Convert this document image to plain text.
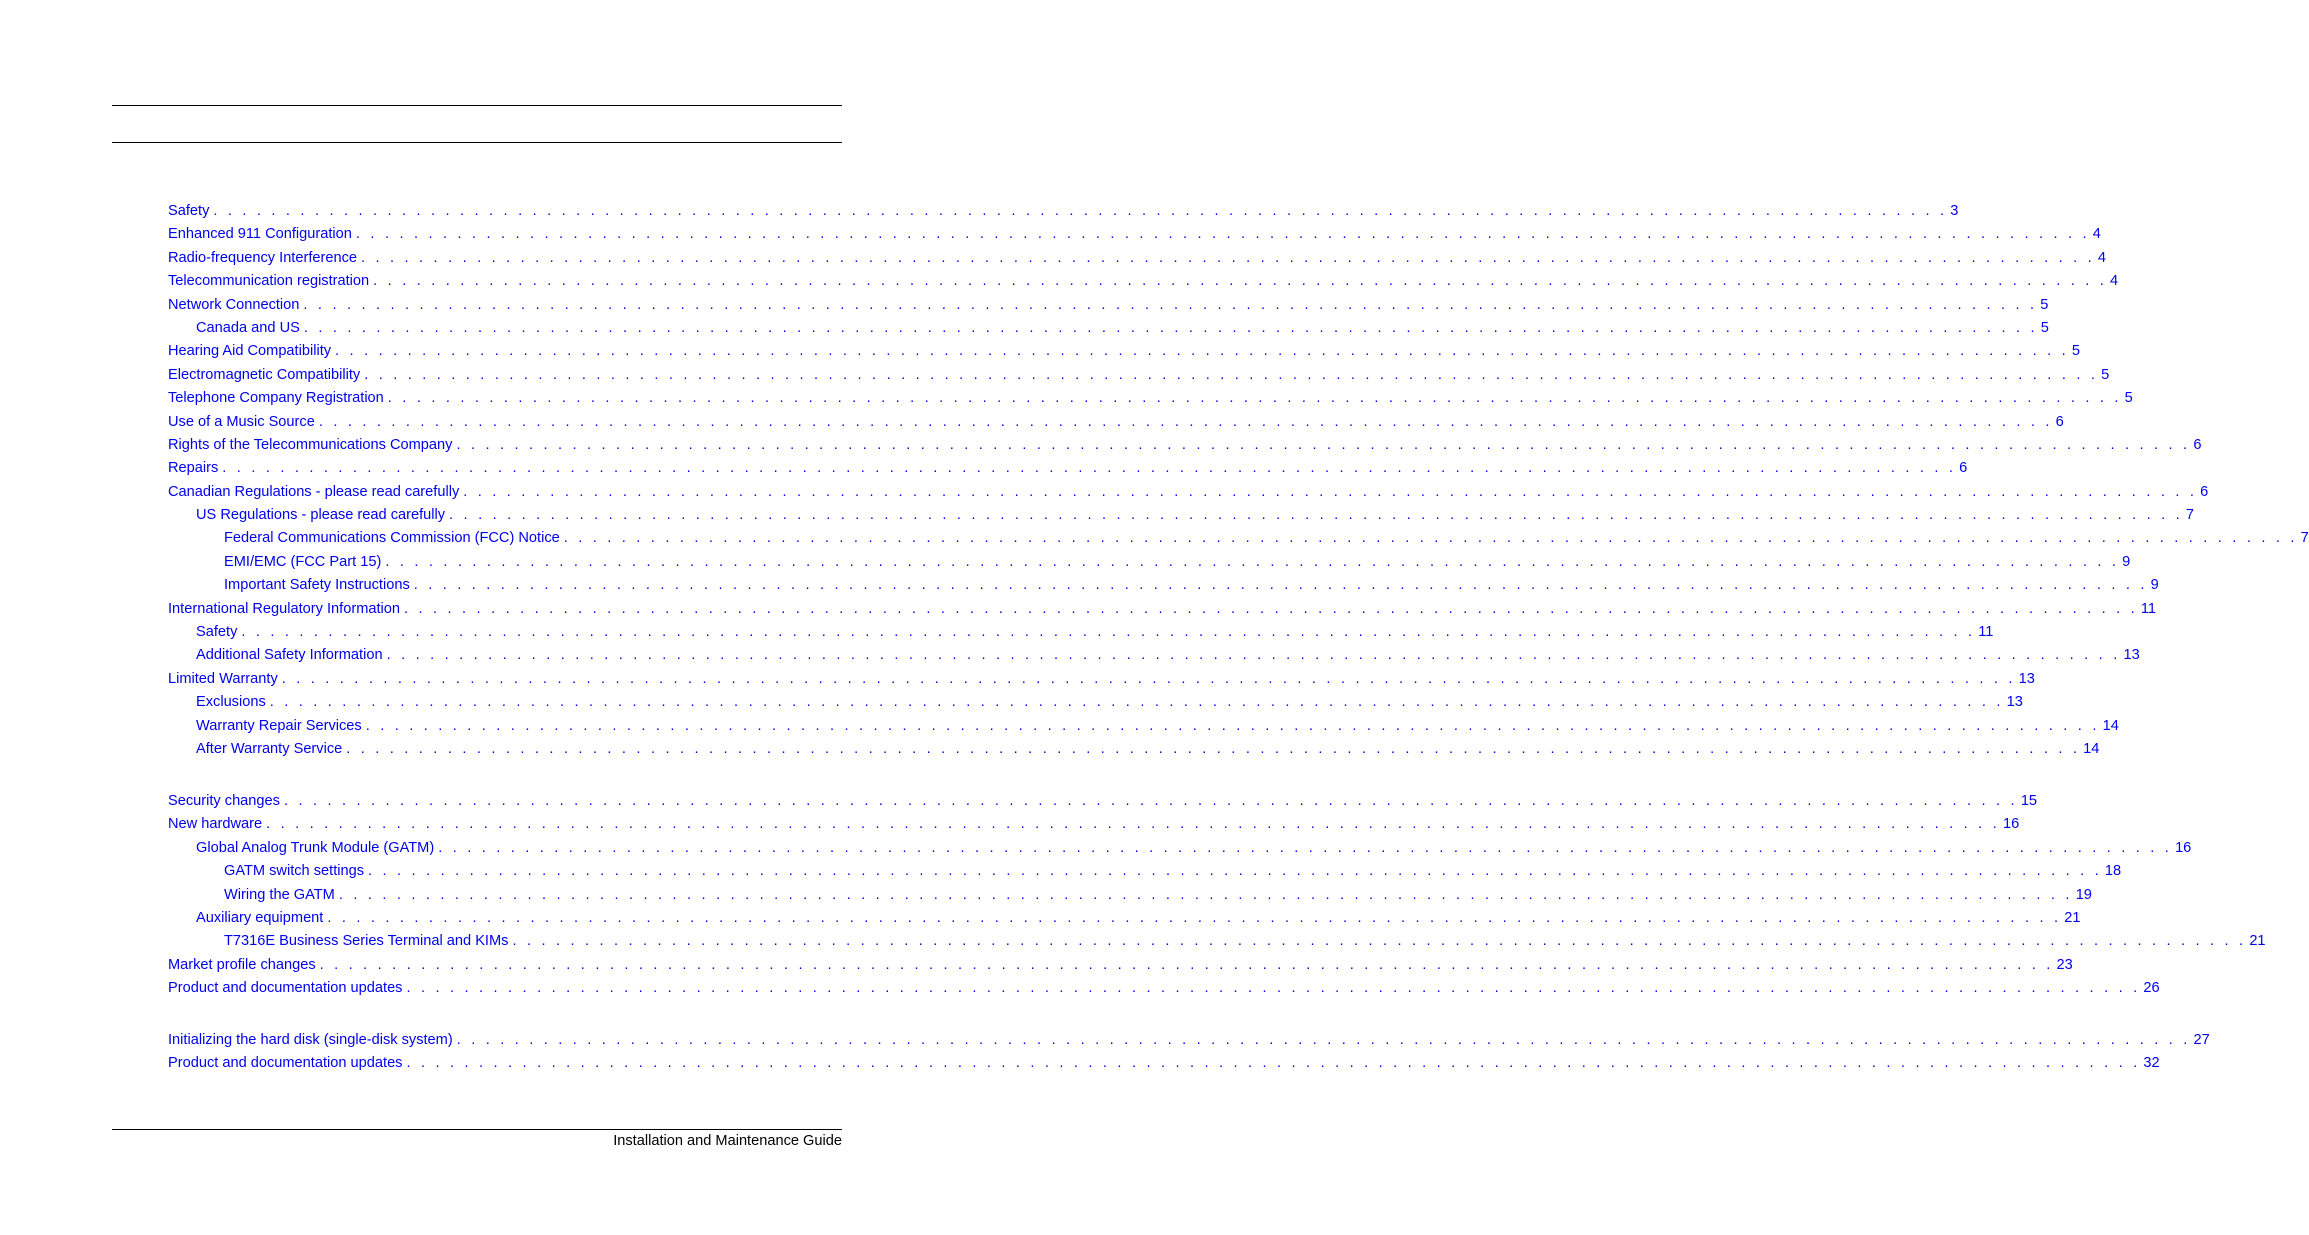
Safety . . . . . . . . . . . . . . . . . . . . . . . . . . . . . . . . . . . . . . . . . . . . . . . . . . . . . . . . . . . . . . . . . . . . . . . . . . . . . . . . . . . . . . . . . . . . . . . . . . . . . . . . . . . . . . . . . . . . . . . . 3
Enhanced 911 Configuration . . . . . . . . . . . . . . . . . . . . . . . . . . . . . . . . . . . . . . . . . . . . . . . . . . . . . . . . . . . . . . . . . . . . . . . . . . . . . . . . . . . . . . . . . . . . . . . . . . . . . . . . . . . . . . . . . . . . . . . . 4
Radio-frequency Interference . . . . . . . . . . . . . . . . . . . . . . . . . . . . . . . . . . . . . . . . . . . . . . . . . . . . . . . . . . . . . . . . . . . . . . . . . . . . . . . . . . . . . . . . . . . . . . . . . . . . . . . . . . . . . . . . . . . . . . . . 4
Telecommunication registration . . . . . . . . . . . . . . . . . . . . . . . . . . . . . . . . . . . . . . . . . . . . . . . . . . . . . . . . . . . . . . . . . . . . . . . . . . . . . . . . . . . . . . . . . . . . . . . . . . . . . . . . . . . . . . . . . . . . . . . . 4
Network Connection . . . . . . . . . . . . . . . . . . . . . . . . . . . . . . . . . . . . . . . . . . . . . . . . . . . . . . . . . . . . . . . . . . . . . . . . . . . . . . . . . . . . . . . . . . . . . . . . . . . . . . . . . . . . . . . . . . . . . . . . 5
Canada and US . . . . . . . . . . . . . . . . . . . . . . . . . . . . . . . . . . . . . . . . . . . . . . . . . . . . . . . . . . . . . . . . . . . . . . . . . . . . . . . . . . . . . . . . . . . . . . . . . . . . . . . . . . . . . . . . . . . . . . . . 5
Hearing Aid Compatibility . . . . . . . . . . . . . . . . . . . . . . . . . . . . . . . . . . . . . . . . . . . . . . . . . . . . . . . . . . . . . . . . . . . . . . . . . . . . . . . . . . . . . . . . . . . . . . . . . . . . . . . . . . . . . . . . . . . . . . . . 5
Electromagnetic Compatibility . . . . . . . . . . . . . . . . . . . . . . . . . . . . . . . . . . . . . . . . . . . . . . . . . . . . . . . . . . . . . . . . . . . . . . . . . . . . . . . . . . . . . . . . . . . . . . . . . . . . . . . . . . . . . . . . . . . . . . . . 5
Telephone Company Registration . . . . . . . . . . . . . . . . . . . . . . . . . . . . . . . . . . . . . . . . . . . . . . . . . . . . . . . . . . . . . . . . . . . . . . . . . . . . . . . . . . . . . . . . . . . . . . . . . . . . . . . . . . . . . . . . . . . . . . . . 5
Use of a Music Source . . . . . . . . . . . . . . . . . . . . . . . . . . . . . . . . . . . . . . . . . . . . . . . . . . . . . . . . . . . . . . . . . . . . . . . . . . . . . . . . . . . . . . . . . . . . . . . . . . . . . . . . . . . . . . . . . . . . . . . . 6
Rights of the Telecommunications Company . . . . . . . . . . . . . . . . . . . . . . . . . . . . . . . . . . . . . . . . . . . . . . . . . . . . . . . . . . . . . . . . . . . . . . . . . . . . . . . . . . . . . . . . . . . . . . . . . . . . . . . . . . . . . . . . . . . . . . . . 6
Repairs . . . . . . . . . . . . . . . . . . . . . . . . . . . . . . . . . . . . . . . . . . . . . . . . . . . . . . . . . . . . . . . . . . . . . . . . . . . . . . . . . . . . . . . . . . . . . . . . . . . . . . . . . . . . . . . . . . . . . . . . 6
Canadian Regulations - please read carefully . . . . . . . . . . . . . . . . . . . . . . . . . . . . . . . . . . . . . . . . . . . . . . . . . . . . . . . . . . . . . . . . . . . . . . . . . . . . . . . . . . . . . . . . . . . . . . . . . . . . . . . . . . . . . . . . . . . . . . . . 6
US Regulations - please read carefully . . . . . . . . . . . . . . . . . . . . . . . . . . . . . . . . . . . . . . . . . . . . . . . . . . . . . . . . . . . . . . . . . . . . . . . . . . . . . . . . . . . . . . . . . . . . . . . . . . . . . . . . . . . . . . . . . . . . . . . . 7
Federal Communications Commission (FCC) Notice . . . . . . . . . . . . . . . . . . . . . . . . . . . . . . . . . . . . . . . . . . . . . . . . . . . . . . . . . . . . . . . . . . . . . . . . . . . . . . . . . . . . . . . . . . . . . . . . . . . . . . . . . . . . . . . . . . . . . . . . 7
EMI/EMC (FCC Part 15) . . . . . . . . . . . . . . . . . . . . . . . . . . . . . . . . . . . . . . . . . . . . . . . . . . . . . . . . . . . . . . . . . . . . . . . . . . . . . . . . . . . . . . . . . . . . . . . . . . . . . . . . . . . . . . . . . . . . . . . . 9
Important Safety Instructions . . . . . . . . . . . . . . . . . . . . . . . . . . . . . . . . . . . . . . . . . . . . . . . . . . . . . . . . . . . . . . . . . . . . . . . . . . . . . . . . . . . . . . . . . . . . . . . . . . . . . . . . . . . . . . . . . . . . . . . . 9
International Regulatory Information . . . . . . . . . . . . . . . . . . . . . . . . . . . . . . . . . . . . . . . . . . . . . . . . . . . . . . . . . . . . . . . . . . . . . . . . . . . . . . . . . . . . . . . . . . . . . . . . . . . . . . . . . . . . . . . . . . . . . . . . 11
Safety . . . . . . . . . . . . . . . . . . . . . . . . . . . . . . . . . . . . . . . . . . . . . . . . . . . . . . . . . . . . . . . . . . . . . . . . . . . . . . . . . . . . . . . . . . . . . . . . . . . . . . . . . . . . . . . . . . . . . . . . 11
Additional Safety Information . . . . . . . . . . . . . . . . . . . . . . . . . . . . . . . . . . . . . . . . . . . . . . . . . . . . . . . . . . . . . . . . . . . . . . . . . . . . . . . . . . . . . . . . . . . . . . . . . . . . . . . . . . . . . . . . . . . . . . . . 13
Limited Warranty . . . . . . . . . . . . . . . . . . . . . . . . . . . . . . . . . . . . . . . . . . . . . . . . . . . . . . . . . . . . . . . . . . . . . . . . . . . . . . . . . . . . . . . . . . . . . . . . . . . . . . . . . . . . . . . . . . . . . . . . 13
Exclusions . . . . . . . . . . . . . . . . . . . . . . . . . . . . . . . . . . . . . . . . . . . . . . . . . . . . . . . . . . . . . . . . . . . . . . . . . . . . . . . . . . . . . . . . . . . . . . . . . . . . . . . . . . . . . . . . . . . . . . . . 13
Warranty Repair Services . . . . . . . . . . . . . . . . . . . . . . . . . . . . . . . . . . . . . . . . . . . . . . . . . . . . . . . . . . . . . . . . . . . . . . . . . . . . . . . . . . . . . . . . . . . . . . . . . . . . . . . . . . . . . . . . . . . . . . . . 14
After Warranty Service . . . . . . . . . . . . . . . . . . . . . . . . . . . . . . . . . . . . . . . . . . . . . . . . . . . . . . . . . . . . . . . . . . . . . . . . . . . . . . . . . . . . . . . . . . . . . . . . . . . . . . . . . . . . . . . . . . . . . . . . 14
Security changes . . . . . . . . . . . . . . . . . . . . . . . . . . . . . . . . . . . . . . . . . . . . . . . . . . . . . . . . . . . . . . . . . . . . . . . . . . . . . . . . . . . . . . . . . . . . . . . . . . . . . . . . . . . . . . . . . . . . . . . . 15
New hardware . . . . . . . . . . . . . . . . . . . . . . . . . . . . . . . . . . . . . . . . . . . . . . . . . . . . . . . . . . . . . . . . . . . . . . . . . . . . . . . . . . . . . . . . . . . . . . . . . . . . . . . . . . . . . . . . . . . . . . . . 16
Global Analog Trunk Module (GATM) . . . . . . . . . . . . . . . . . . . . . . . . . . . . . . . . . . . . . . . . . . . . . . . . . . . . . . . . . . . . . . . . . . . . . . . . . . . . . . . . . . . . . . . . . . . . . . . . . . . . . . . . . . . . . . . . . . . . . . . . 16
GATM switch settings . . . . . . . . . . . . . . . . . . . . . . . . . . . . . . . . . . . . . . . . . . . . . . . . . . . . . . . . . . . . . . . . . . . . . . . . . . . . . . . . . . . . . . . . . . . . . . . . . . . . . . . . . . . . . . . . . . . . . . . . 18
Wiring the GATM . . . . . . . . . . . . . . . . . . . . . . . . . . . . . . . . . . . . . . . . . . . . . . . . . . . . . . . . . . . . . . . . . . . . . . . . . . . . . . . . . . . . . . . . . . . . . . . . . . . . . . . . . . . . . . . . . . . . . . . . 19
Auxiliary equipment . . . . . . . . . . . . . . . . . . . . . . . . . . . . . . . . . . . . . . . . . . . . . . . . . . . . . . . . . . . . . . . . . . . . . . . . . . . . . . . . . . . . . . . . . . . . . . . . . . . . . . . . . . . . . . . . . . . . . . . . 21
T7316E Business Series Terminal and KIMs . . . . . . . . . . . . . . . . . . . . . . . . . . . . . . . . . . . . . . . . . . . . . . . . . . . . . . . . . . . . . . . . . . . . . . . . . . . . . . . . . . . . . . . . . . . . . . . . . . . . . . . . . . . . . . . . . . . . . . . . 21
Market profile changes . . . . . . . . . . . . . . . . . . . . . . . . . . . . . . . . . . . . . . . . . . . . . . . . . . . . . . . . . . . . . . . . . . . . . . . . . . . . . . . . . . . . . . . . . . . . . . . . . . . . . . . . . . . . . . . . . . . . . . . . 23
Product and documentation updates . . . . . . . . . . . . . . . . . . . . . . . . . . . . . . . . . . . . . . . . . . . . . . . . . . . . . . . . . . . . . . . . . . . . . . . . . . . . . . . . . . . . . . . . . . . . . . . . . . . . . . . . . . . . . . . . . . . . . . . . 26
Initializing the hard disk (single-disk system) . . . . . . . . . . . . . . . . . . . . . . . . . . . . . . . . . . . . . . . . . . . . . . . . . . . . . . . . . . . . . . . . . . . . . . . . . . . . . . . . . . . . . . . . . . . . . . . . . . . . . . . . . . . . . . . . . . . . . . . . 27
Product and documentation updates . . . . . . . . . . . . . . . . . . . . . . . . . . . . . . . . . . . . . . . . . . . . . . . . . . . . . . . . . . . . . . . . . . . . . . . . . . . . . . . . . . . . . . . . . . . . . . . . . . . . . . . . . . . . . . . . . . . . . . . . 32
Installation and Maintenance Guide
